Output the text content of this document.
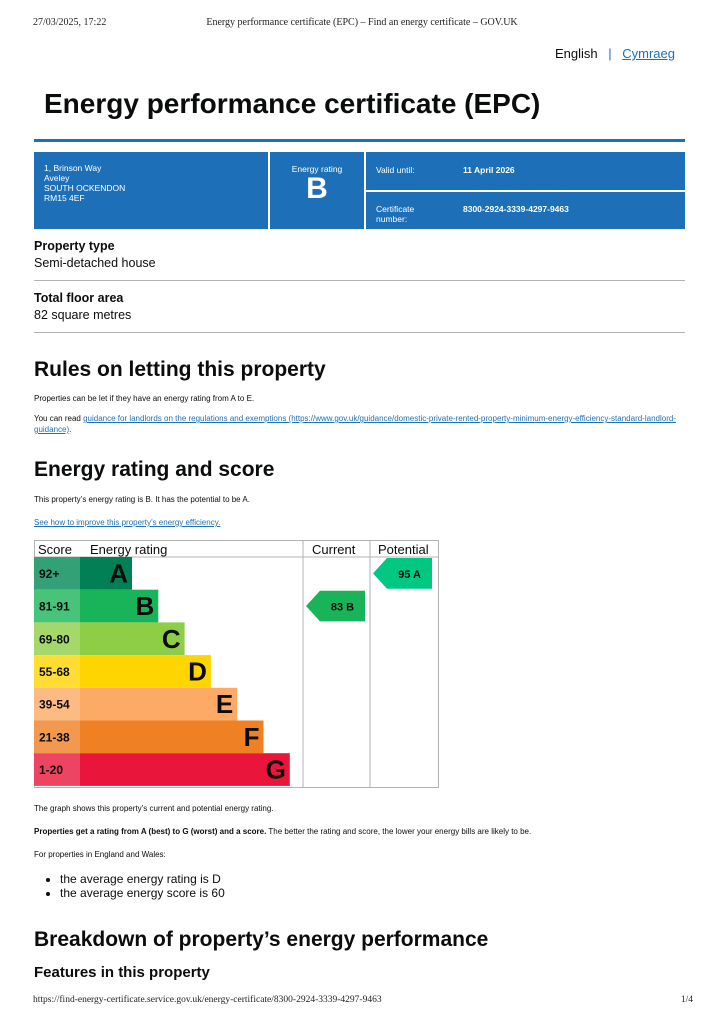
27/03/2025, 17:22	Energy performance certificate (EPC) – Find an energy certificate – GOV.UK
English | Cymraeg
Energy performance certificate (EPC)
1, Brinson Way
Aveley
SOUTH OCKENDON
RM15 4EF
Energy rating
B
Valid until:	11 April 2026
Certificate
number:
8300-2924-3339-4297-9463
Property type
Semi-detached house
Total floor area
82 square metres
Rules on letting this property
Properties can be let if they have an energy rating from A to E.
You can read guidance for landlords on the regulations and exemptions (https://www.gov.uk/guidance/domestic-private-rented-property-minimum-energy-efficiency-standard-landlord-
guidance).
Energy rating and score
This property’s energy rating is B. It has the potential to be A.
See how to improve this property’s energy efficiency.
92+ A
81-91	B
69-80	C
55-68	D
39-54	E
21-38	F
1-20	G
83 B
95 A
Score Energy rating	Current Potential
The graph shows this property’s current and potential energy rating.
Properties get a rating from A (best) to G (worst) and a score. The better the rating and score, the lower your energy bills are likely to be.
For properties in England and Wales:
• the average energy rating is D
• the average energy score is 60
Breakdown of property’s energy performance
Features in this property
https://find-energy-certificate.service.gov.uk/energy-certificate/8300-2924-3339-4297-9463	1/4
